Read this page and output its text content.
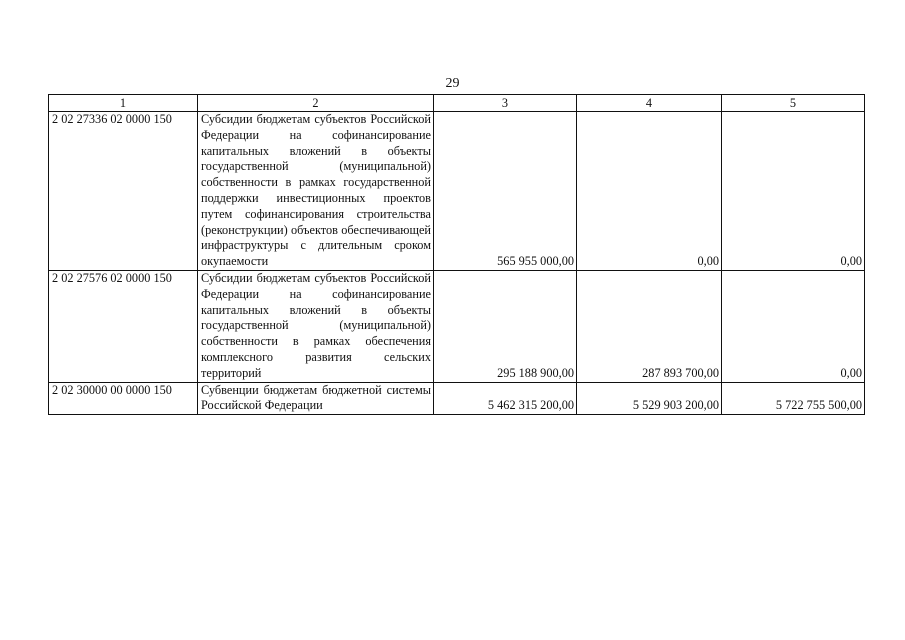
29
1	2	3	4	5
2 02 27336 02 0000 150	Субсидии бюджетам субъектов Российской Федерации на софинансирование капитальных вложений в объекты государственной (муниципальной) собственности в рамках государственной поддержки инвестиционных проектов путем софинансирования строительства (реконструкции) объектов обеспечивающей инфраструктуры с длительным сроком окупаемости	565 955 000,00	0,00	0,00
2 02 27576 02 0000 150	Субсидии бюджетам субъектов Российской Федерации на софинансирование капитальных вложений в объекты государственной (муниципальной) собственности в рамках обеспечения комплексного развития сельских территорий	295 188 900,00	287 893 700,00	0,00
2 02 30000 00 0000 150	Субвенции бюджетам бюджетной системы Российской Федерации	5 462 315 200,00	5 529 903 200,00	5 722 755 500,00
